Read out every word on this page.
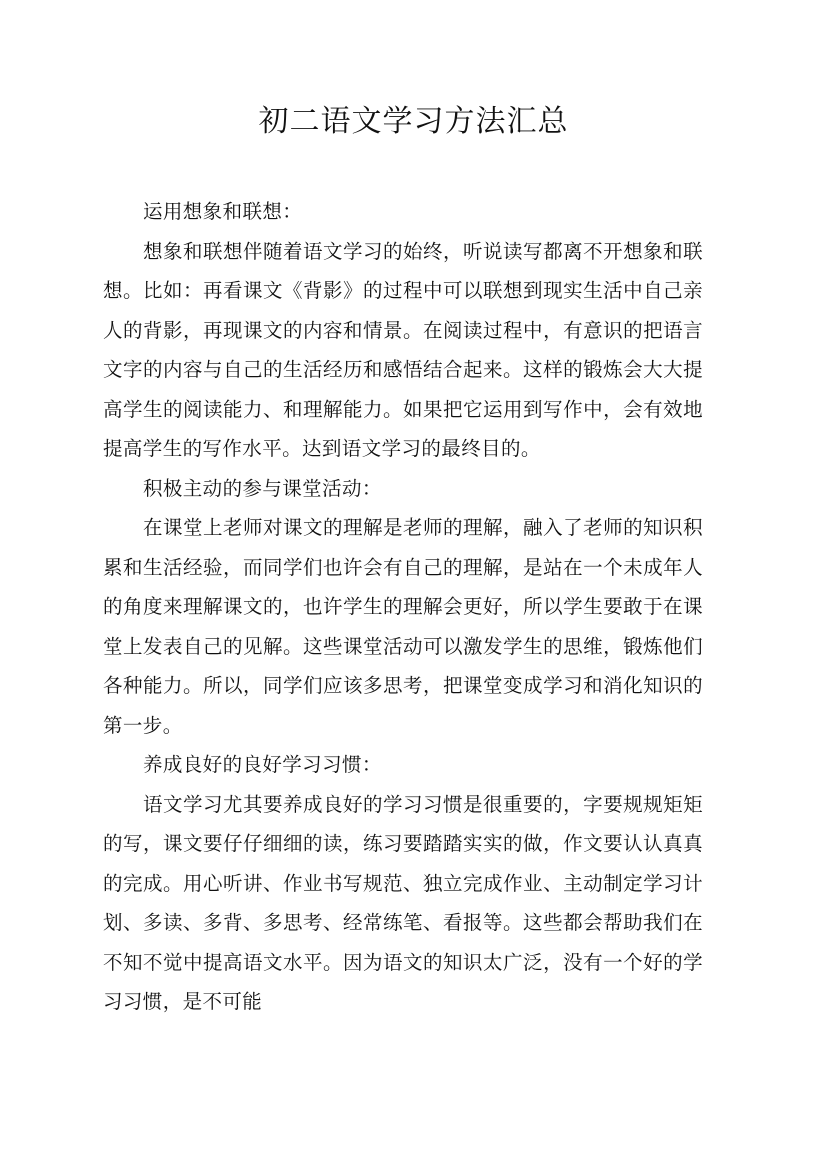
初二语文学习方法汇总

运用想象和联想：

想象和联想伴随着语文学习的始终，听说读写都离不开想象和联想。比如：再看课文《背影》的过程中可以联想到现实生活中自己亲人的背影，再现课文的内容和情景。在阅读过程中，有意识的把语言文字的内容与自己的生活经历和感悟结合起来。这样的锻炼会大大提高学生的阅读能力、和理解能力。如果把它运用到写作中，会有效地提高学生的写作水平。达到语文学习的最终目的。

积极主动的参与课堂活动：

在课堂上老师对课文的理解是老师的理解，融入了老师的知识积累和生活经验，而同学们也许会有自己的理解，是站在一个未成年人的角度来理解课文的，也许学生的理解会更好，所以学生要敢于在课堂上发表自己的见解。这些课堂活动可以激发学生的思维，锻炼他们各种能力。所以，同学们应该多思考，把课堂变成学习和消化知识的第一步。

养成良好的良好学习习惯：

语文学习尤其要养成良好的学习习惯是很重要的，字要规规矩矩的写，课文要仔仔细细的读，练习要踏踏实实的做，作文要认认真真的完成。用心听讲、作业书写规范、独立完成作业、主动制定学习计划、多读、多背、多思考、经常练笔、看报等。这些都会帮助我们在不知不觉中提高语文水平。因为语文的知识太广泛，没有一个好的学习习惯，是不可能
